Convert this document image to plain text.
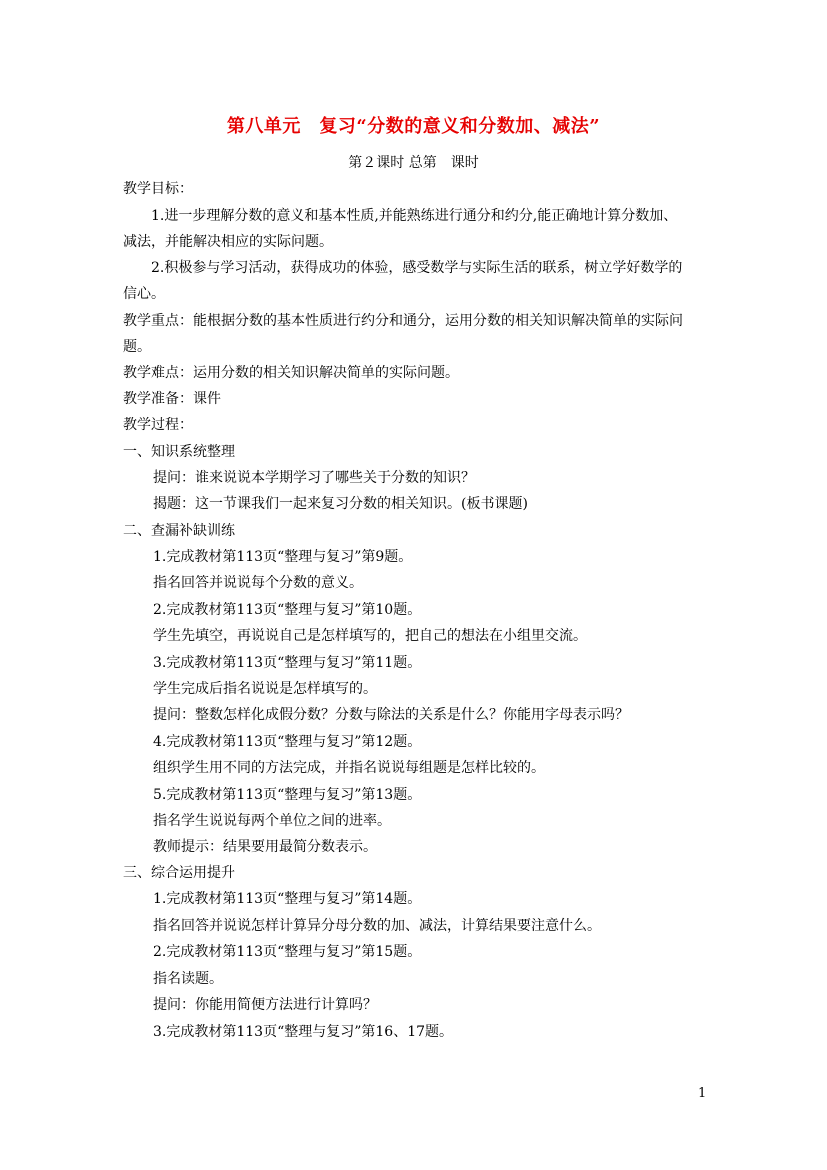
第八单元　复习“分数的意义和分数加、减法”
第２课时 总第　课时
教学目标：
1.进一步理解分数的意义和基本性质,并能熟练进行通分和约分,能正确地计算分数加、
减法，并能解决相应的实际问题。
2.积极参与学习活动，获得成功的体验，感受数学与实际生活的联系，树立学好数学的
信心。
教学重点：能根据分数的基本性质进行约分和通分，运用分数的相关知识解决简单的实际问
题。
教学难点：运用分数的相关知识解决简单的实际问题。
教学准备：课件
教学过程：
一、知识系统整理
提问：谁来说说本学期学习了哪些关于分数的知识？
揭题：这一节课我们一起来复习分数的相关知识。(板书课题)
二、查漏补缺训练
1.完成教材第113页“整理与复习”第9题。
指名回答并说说每个分数的意义。
2.完成教材第113页“整理与复习”第10题。
学生先填空，再说说自己是怎样填写的，把自己的想法在小组里交流。
3.完成教材第113页“整理与复习”第11题。
学生完成后指名说说是怎样填写的。
提问：整数怎样化成假分数？分数与除法的关系是什么？你能用字母表示吗？
4.完成教材第113页“整理与复习”第12题。
组织学生用不同的方法完成，并指名说说每组题是怎样比较的。
5.完成教材第113页“整理与复习”第13题。
指名学生说说每两个单位之间的进率。
教师提示：结果要用最简分数表示。
三、综合运用提升
1.完成教材第113页“整理与复习”第14题。
指名回答并说说怎样计算异分母分数的加、减法，计算结果要注意什么。
2.完成教材第113页“整理与复习”第15题。
指名读题。
提问：你能用简便方法进行计算吗？
3.完成教材第113页“整理与复习”第16、17题。
1
